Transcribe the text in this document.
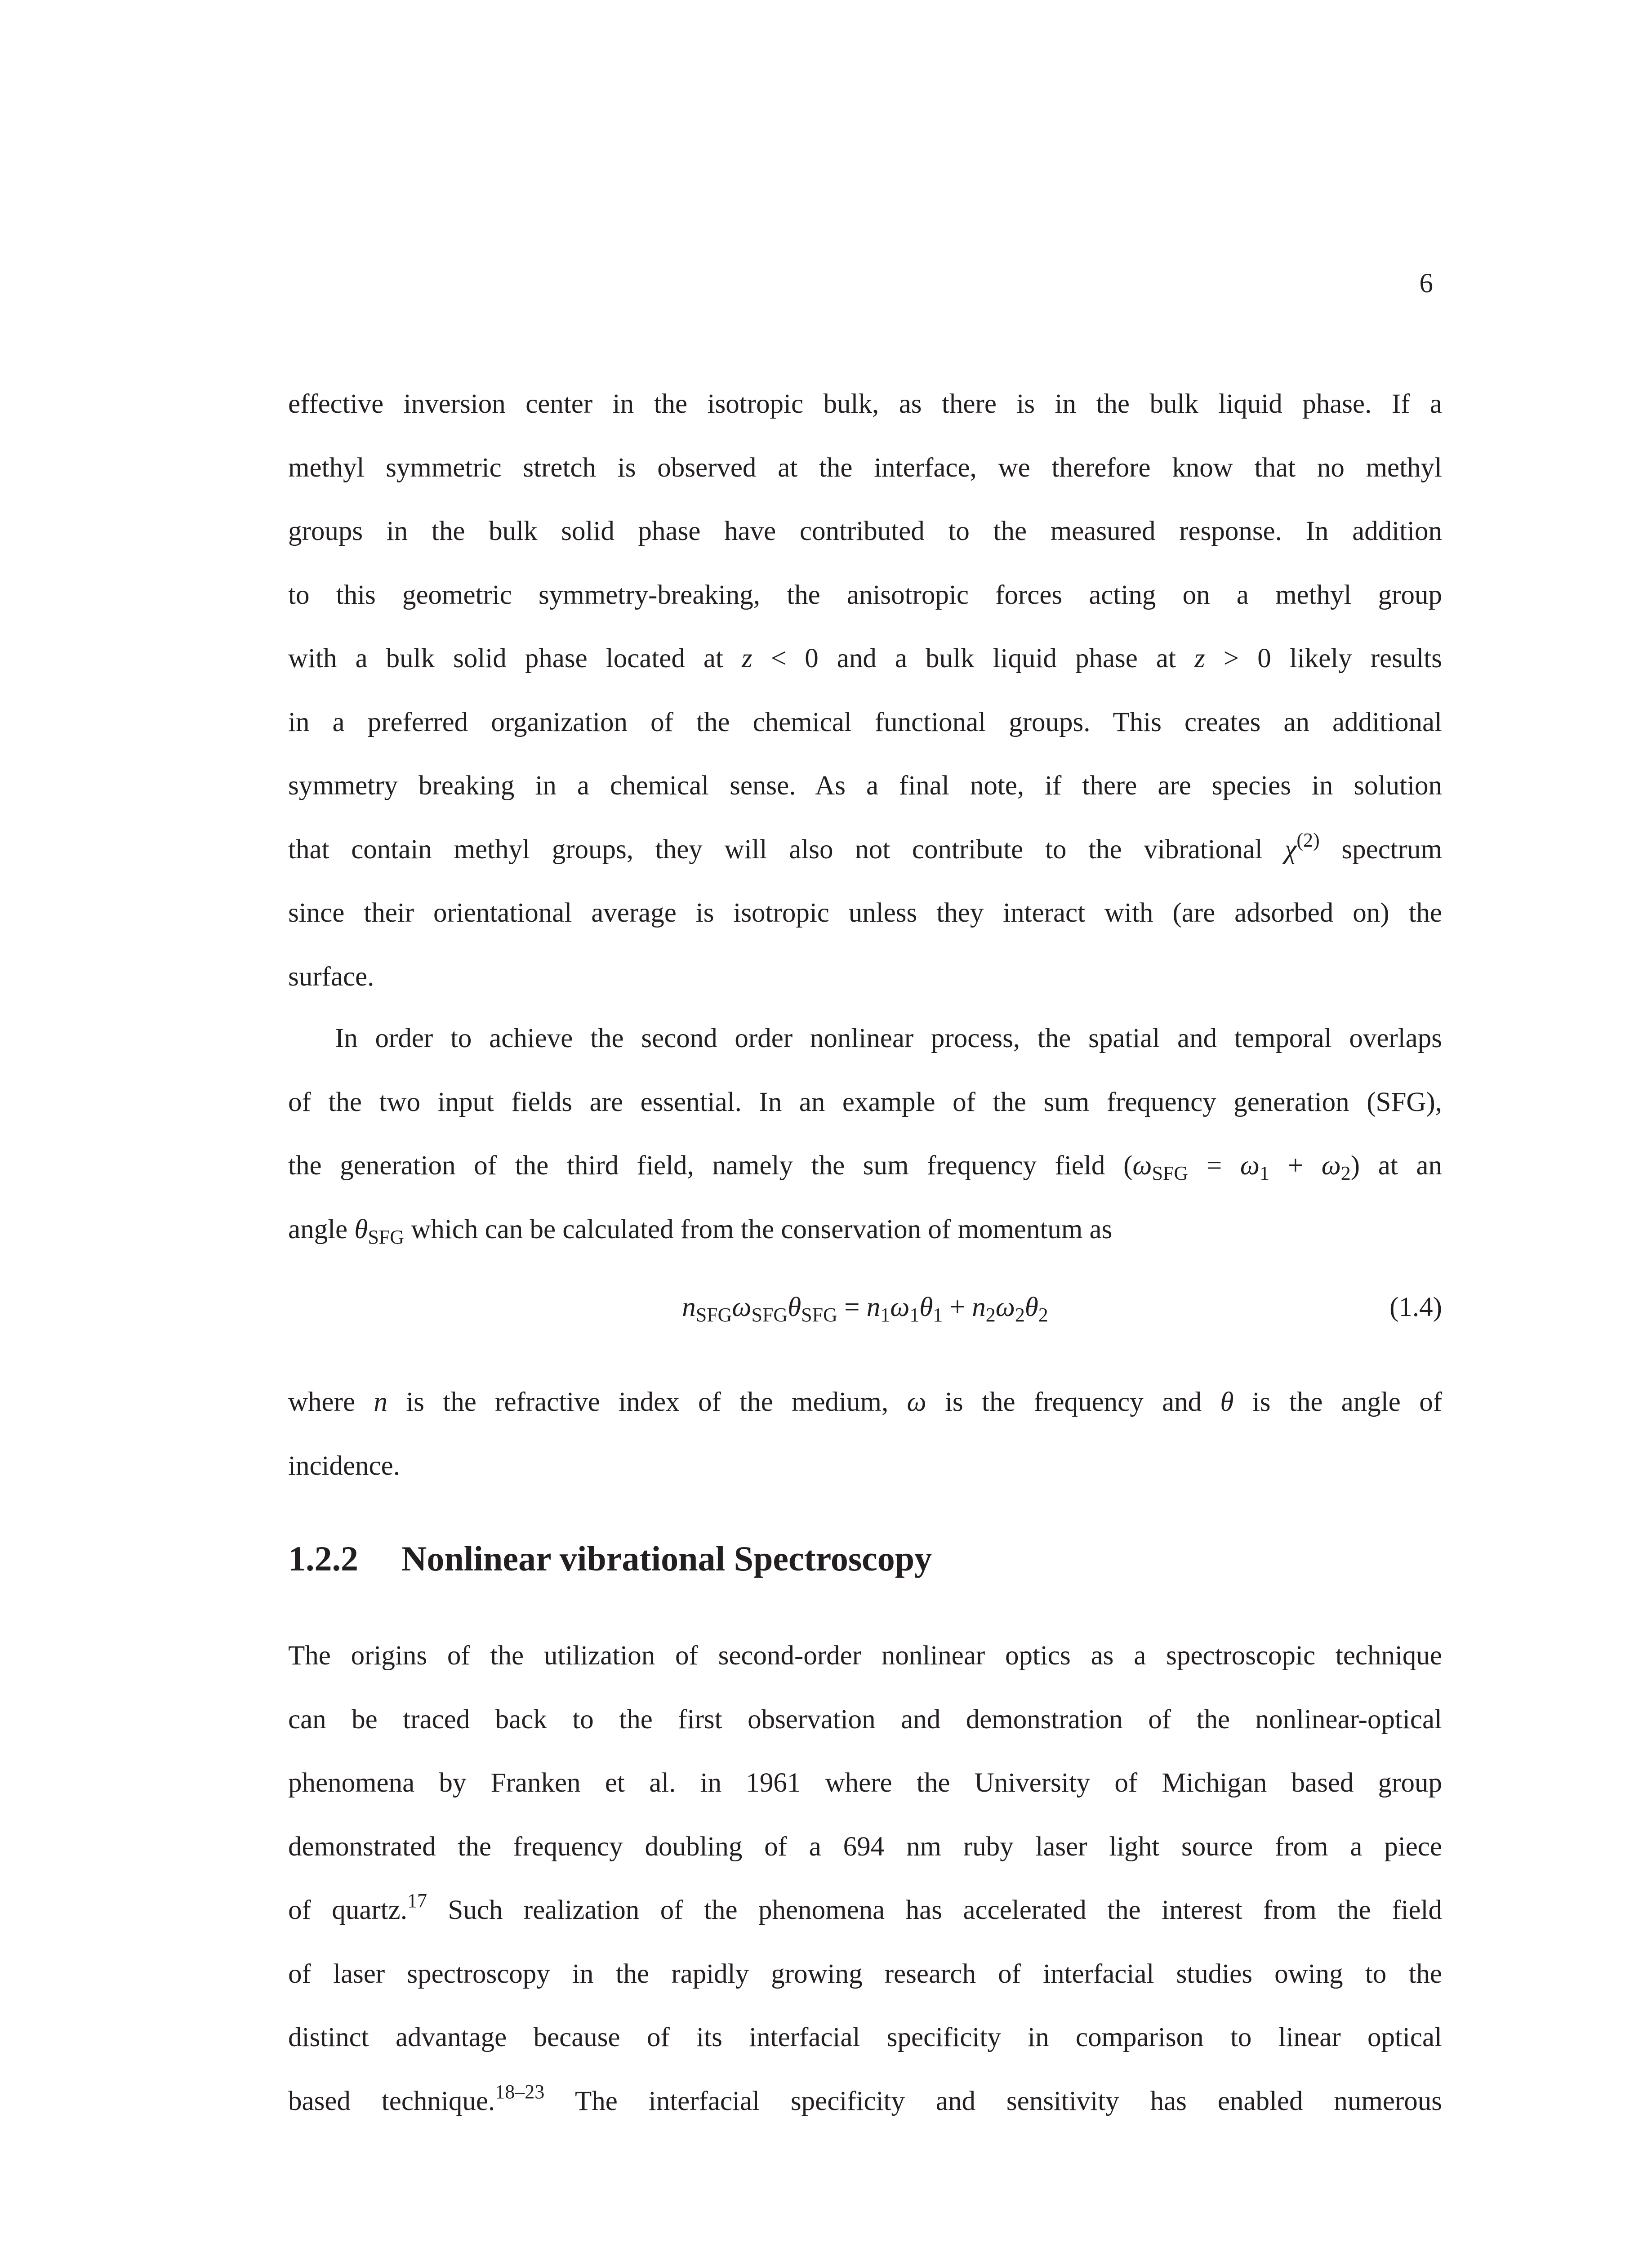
6
effective inversion center in the isotropic bulk, as there is in the bulk liquid phase. If a
methyl symmetric stretch is observed at the interface, we therefore know that no methyl
groups in the bulk solid phase have contributed to the measured response. In addition
to this geometric symmetry-breaking, the anisotropic forces acting on a methyl group
with a bulk solid phase located at z < 0 and a bulk liquid phase at z > 0 likely results
in a preferred organization of the chemical functional groups. This creates an additional
symmetry breaking in a chemical sense. As a final note, if there are species in solution
that contain methyl groups, they will also not contribute to the vibrational $\chi^{(2)}$ spectrum
since their orientational average is isotropic unless they interact with (are adsorbed on) the
surface.
In order to achieve the second order nonlinear process, the spatial and temporal overlaps
of the two input fields are essential. In an example of the sum frequency generation (SFG),
the generation of the third field, namely the sum frequency field $(\omega_{SFG} = \omega_1 + \omega_2)$ at an
angle $\theta_{SFG}$ which can be calculated from the conservation of momentum as
$n_{SFG}\omega_{SFG}\theta_{SFG} = n_1\omega_1\theta_1 + n_2\omega_2\theta_2$	(1.4)
where n is the refractive index of the medium, ω is the frequency and θ is the angle of
incidence.
1.2.2 Nonlinear vibrational Spectroscopy
The origins of the utilization of second-order nonlinear optics as a spectroscopic technique
can be traced back to the first observation and demonstration of the nonlinear-optical
phenomena by Franken et al. in 1961 where the University of Michigan based group
demonstrated the frequency doubling of a 694 nm ruby laser light source from a piece
of quartz.$^{17}$ Such realization of the phenomena has accelerated the interest from the field
of laser spectroscopy in the rapidly growing research of interfacial studies owing to the
distinct advantage because of its interfacial specificity in comparison to linear optical
based technique.$^{18-23}$ The interfacial specificity and sensitivity has enabled numerous
